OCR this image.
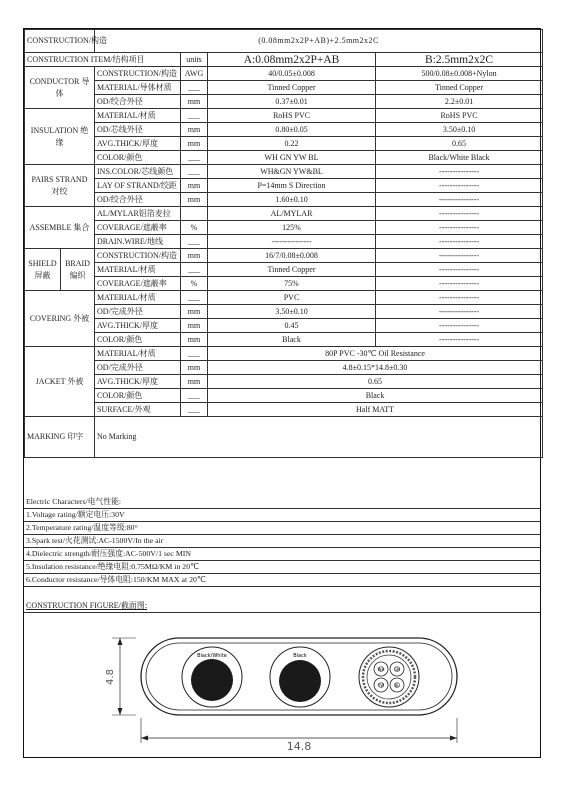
CONSTRUCTION/构造		(0.08mm2x2P+AB)+2.5mm2x2C			
CONSTRUCTION ITEM/结构项目			units	A:0.08mm2x2P+AB	B:2.5mm2x2C
CONDUCTOR 导体		CONSTRUCTION/构造	AWG	40/0.05±0.008	500/0.08±0.008+Nylon
		MATERIAL/导体材质	___	Tinned Copper	Tinned Copper
		OD/绞合外径	mm	0.37±0.01	2.2±0.01
INSULATION 绝缘		MATERIAL/材质	___	RoHS PVC	RoHS PVC
		OD/芯线外径	mm	0.80±0.05	3.50±0.10
		AVG.THICK/厚度	mm	0.22	0.65
		COLOR/颜色	___	WH GN YW BL	Black/White Black
PAIRS STRAND 对绞		INS.COLOR/芯线颜色	___	WH&GN YW&BL	---------------
		LAY OF STRAND/绞距	mm	P=14mm S Direction	---------------
		OD/绞合外径	mm	1.60±0.10	---------------
ASSEMBLE 集合		AL/MYLAR铝箔麦拉		AL/MYLAR	---------------
		COVERAGE/遮蔽率	%	125%	---------------
		DRAIN.WIRE/地线	___	---------------	---------------
SHIELD 屏蔽	BRAID 编织	CONSTRUCTION/构造	mm	16/7/0.08±0.008	---------------
		MATERIAL/材质	___	Tinned Copper	---------------
		COVERAGE/遮蔽率	%	75%	---------------
COVERING 外被		MATERIAL/材质	___	PVC	---------------
		OD/完成外径	mm	3.50±0.10	---------------
		AVG.THICK/厚度	mm	0.45	---------------
		COLOR/颜色	mm	Black	---------------
JACKET 外被		MATERIAL/材质	___	80P PVC -30℃ Oil Resistance	
		OD/完成外径	mm	4.8±0.15*14.8±0.30	
		AVG.THICK/厚度	mm	0.65	
		COLOR/颜色	___	Black	
		SURFACE/外观	___	Half MATT	
MARKING 印字		No Marking			
Electric Characters/电气性能:
1.Voltage rating/额定电压:30V
2.Temperature rating/温度等级:80°
3.Spark test/火花测试:AC-1500V/In the air
4.Dielectric strength/耐压强度:AC-500V/1 sec MIN
5.Insulation resistance/绝缘电阻:0.75MΩ/KM in 20℃
6.Conductor resistance/导体电阻:150/KM MAX at 20℃
CONSTRUCTION FIGURE/截面图:
Black/White	Black
WH GN
YW	BL
4.8
14.8
